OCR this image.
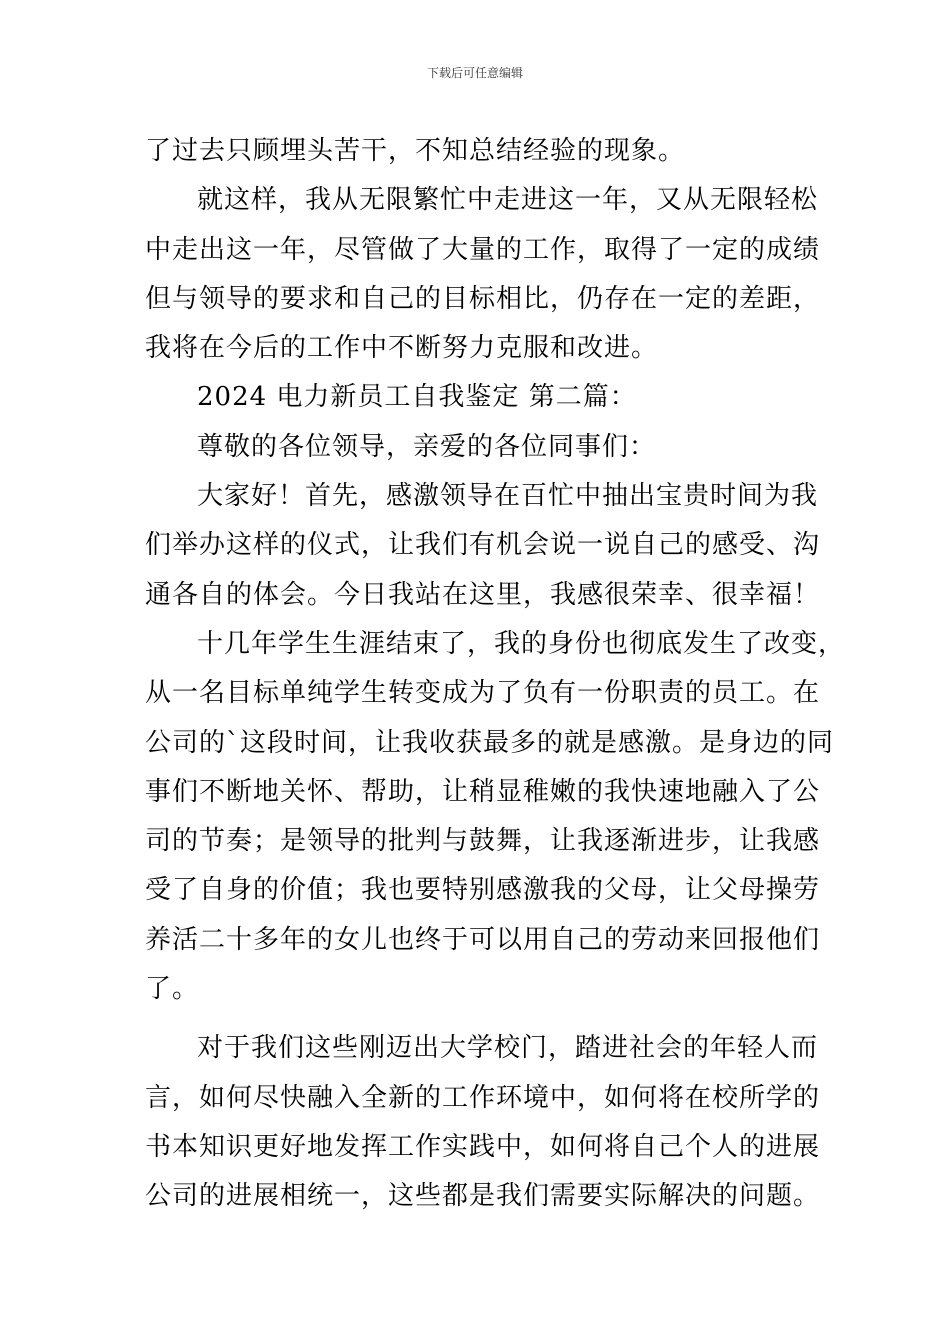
下载后可任意编辑
了过去只顾埋头苦干，不知总结经验的现象。
就这样，我从无限繁忙中走进这一年，又从无限轻松
中走出这一年，尽管做了大量的工作，取得了一定的成绩
但与领导的要求和自己的目标相比，仍存在一定的差距，
我将在今后的工作中不断努力克服和改进。
2024 电力新员工自我鉴定 第二篇：
尊敬的各位领导，亲爱的各位同事们：
大家好！首先，感激领导在百忙中抽出宝贵时间为我
们举办这样的仪式，让我们有机会说一说自己的感受、沟
通各自的体会。今日我站在这里，我感很荣幸、很幸福！
十几年学生生涯结束了，我的身份也彻底发生了改变，
从一名目标单纯学生转变成为了负有一份职责的员工。在
公司的`这段时间，让我收获最多的就是感激。是身边的同
事们不断地关怀、帮助，让稍显稚嫩的我快速地融入了公
司的节奏；是领导的批判与鼓舞，让我逐渐进步，让我感
受了自身的价值；我也要特别感激我的父母，让父母操劳
养活二十多年的女儿也终于可以用自己的劳动来回报他们
了。
对于我们这些刚迈出大学校门，踏进社会的年轻人而
言，如何尽快融入全新的工作环境中，如何将在校所学的
书本知识更好地发挥工作实践中，如何将自己个人的进展
公司的进展相统一，这些都是我们需要实际解决的问题。
